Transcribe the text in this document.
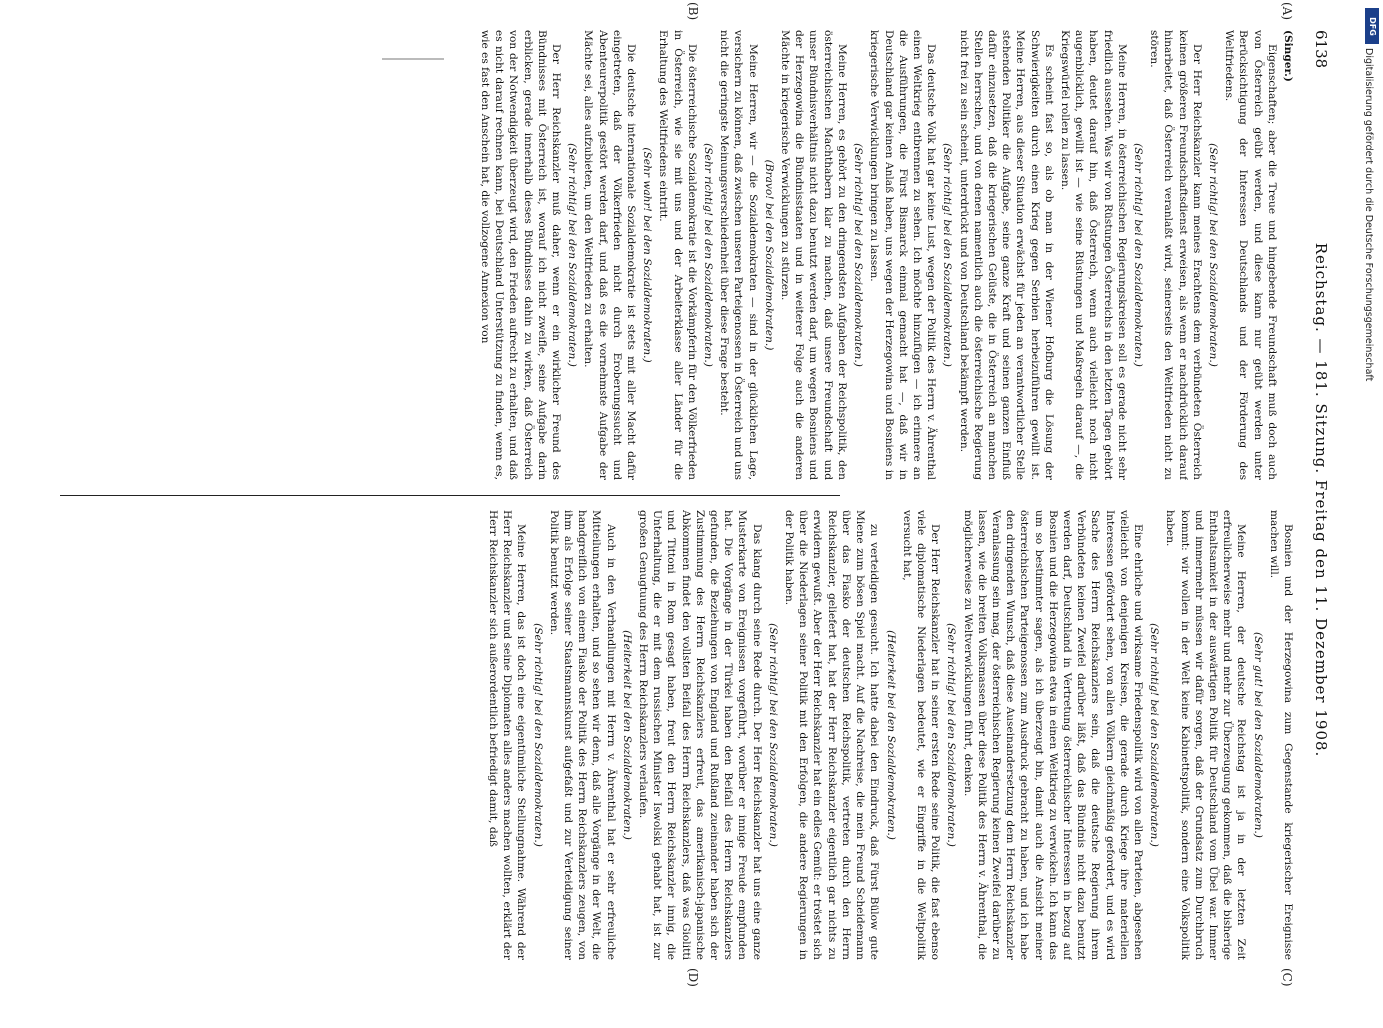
6138
Reichstag. — 181. Sitzung. Freitag den 11. Dezember 1908.

(Singer.)

Eigenschaften; aber die Treue und hingebende Freundschaft muß doch auch von Österreich geübt werden, und diese kann nur geübt werden unter Berücksichtigung der Interessen Deutschlands und der Förderung des Weltfriedens.

(Sehr richtig! bei den Sozialdemokraten.)

Der Herr Reichskanzler kann meines Erachtens dem verbündeten Österreich keinen größeren Freundschaftsdienst erweisen, als wenn er nachdrücklich darauf hinarbeitet, daß Österreich veranlaßt wird, seinerseits den Weltfrieden nicht zu stören.

(Sehr richtig! bei den Sozialdemokraten.)

Meine Herren, in österreichischen Regierungskreisen soll es gerade nicht sehr friedlich aussehen. Was wir von Rüstungen Österreichs in den letzten Tagen gehört haben, deutet darauf hin, daß Österreich, wenn auch vielleicht noch nicht augenblicklich, gewillt ist — wie seine Rüstungen und Maßregeln darauf —, die Kriegswürfel rollen zu lassen.

Es scheint fast so, als ob man in der Wiener Hofburg die Lösung der Schwierigkeiten durch einen Krieg gegen Serbien herbeizuführen gewillt ist. Meine Herren, aus dieser Situation erwächst für jeden an verantwortlicher Stelle stehenden Politiker die Aufgabe, seine ganze Kraft und seinen ganzen Einfluß dafür einzusetzen, daß die kriegerischen Gelüste, die in Österreich an manchen Stellen herrschen, und von denen namentlich auch die österreichische Regierung nicht frei zu sein scheint, unterdrückt und von Deutschland bekämpft werden.

(Sehr richtig! bei den Sozialdemokraten.)

Das deutsche Volk hat gar keine Lust, wegen der Politik des Herrn v. Ährenthal einen Weltkrieg entbrennen zu sehen. Ich möchte hinzufügen — ich erinnere an die Ausführungen, die Fürst Bismarck einmal gemacht hat —, daß wir in Deutschland gar keinen Anlaß haben, uns wegen der Herzegowina und Bosniens in kriegerische Verwicklungen bringen zu lassen.

(Sehr richtig! bei den Sozialdemokraten.)

Meine Herren, es gehört zu den dringendsten Aufgaben der Reichspolitik, den österreichischen Machthabern klar zu machen, daß unsere Freundschaft und unser Bündnisverhältnis nicht dazu benutzt werden darf, um wegen Bosniens und der Herzegowina die Bündnisstaaten und in weiterer Folge auch die anderen Mächte in kriegerische Verwicklungen zu stürzen.

(Bravo! bei den Sozialdemokraten.)

Meine Herren, wir — die Sozialdemokraten — sind in der glücklichen Lage, versichern zu können, daß zwischen unseren Parteigenossen in Österreich und uns nicht die geringste Meinungsverschiedenheit über diese Frage besteht.

(Sehr richtig! bei den Sozialdemokraten.)

Die österreichische Sozialdemokratie ist die Vorkämpferin für den Völkerfrieden in Österreich, wie sie mit uns und der Arbeiterklasse aller Länder für die Erhaltung des Weltfriedens eintritt.

(Sehr wahr! bei den Sozialdemokraten.)

Die deutsche internationale Sozialdemokratie ist stets mit aller Macht dafür eingetreten, daß der Völkerfrieden nicht durch Eroberungssucht und Abenteurerpolitik gestört werden darf, und daß es die vornehmste Aufgabe der Mächte sei, alles aufzubieten, um den Weltfrieden zu erhalten.

(Sehr richtig! bei den Sozialdemokraten.)

Der Herr Reichskanzler muß daher, wenn er ein wirklicher Freund des Bündnisses mit Österreich ist, worauf ich nicht zweifle, seine Aufgabe darin erblicken, gerade innerhalb dieses Bündnisses dahin zu wirken, daß Österreich von der Notwendigkeit überzeugt wird, den Frieden aufrecht zu erhalten, und daß es nicht darauf rechnen kann, bei Deutschland Unterstützung zu finden, wenn es, wie es fast den Anschein hat, die vollzogene Annexion von

Bosnien und der Herzegowina zum Gegenstande kriegerischer Ereignisse machen will.

(Sehr gut! bei den Sozialdemokraten.)

Meine Herren, der deutsche Reichstag ist ja in der letzten Zeit erfreulicherweise mehr und mehr zur Überzeugung gekommen, daß die bisherige Enthaltsamkeit in der auswärtigen Politik für Deutschland vom Übel war. Immer und immermehr müssen wir dafür sorgen, daß der Grundsatz zum Durchbruch kommt: wir wollen in der Welt keine Kabinettspolitik, sondern eine Volkspolitik haben.

(Sehr richtig! bei den Sozialdemokraten.)

Eine ehrliche und wirksame Friedenspolitik wird von allen Parteien, abgesehen vielleicht von denjenigen Kreisen, die gerade durch Kriege ihre materiellen Interessen gefördert sehen, von allen Völkern gleichmäßig gefordert, und es wird Sache des Herrn Reichskanzlers sein, daß die deutsche Regierung ihrem Verbündeten keinen Zweifel darüber läßt, daß das Bündnis nicht dazu benutzt werden darf, Deutschland in Vertretung österreichischer Interessen in bezug auf Bosnien und die Herzegowina etwa in einen Weltkrieg zu verwickeln. Ich kann das um so bestimmter sagen, als ich überzeugt bin, damit auch die Ansicht meiner österreichischen Parteigenossen zum Ausdruck gebracht zu haben, und ich habe den dringenden Wunsch, daß diese Auseinandersetzung dem Herrn Reichskanzler Veranlassung sein mag, der österreichischen Regierung keinen Zweifel darüber zu lassen, wie die breiten Volksmassen über diese Politik des Herrn v. Ährenthal, die möglicherweise zu Weltverwicklungen führt, denken.

(Sehr richtig! bei den Sozialdemokraten.)

Der Herr Reichskanzler hat in seiner ersten Rede seine Politik, die fast ebenso viele diplomatische Niederlagen bedeutet, wie er Eingriffe in die Weltpolitik versucht hat,

(Heiterkeit bei den Sozialdemokraten.)

zu verteidigen gesucht. Ich hatte dabei den Eindruck, daß Fürst Bülow gute Miene zum bösen Spiel macht. Auf die Nachreise, die mein Freund Scheidemann über das Fiasko der deutschen Reichspolitik, vertreten durch den Herrn Reichskanzler, geliefert hat, hat der Herr Reichskanzler eigentlich gar nichts zu erwidern gewußt. Aber der Herr Reichskanzler hat ein edles Gemüt: er tröstet sich über die Niederlagen seiner Politik mit den Erfolgen, die andere Regierungen in der Politik haben.

(Sehr richtig! bei den Sozialdemokraten.)

Das klang durch seine Rede durch. Der Herr Reichskanzler hat uns eine ganze Musterkarte von Ereignissen vorgeführt, worüber er innige Freude empfunden hat. Die Vorgänge in der Türkei haben den Beifall des Herrn Reichskanzlers gefunden, die Beziehungen von England und Rußland zueinander haben sich der Zustimmung des Herrn Reichskanzlers erfreut, das amerikanisch-japanische Abkommen findet den vollsten Beifall des Herrn Reichskanzlers, daß was Giolitti und Tittoni in Rom gesagt haben, freut den Herrn Reichskanzler innig, die Unterhaltung, die er mit dem russischen Minister Iswolski gehabt hat, ist zur großen Genugtuung des Herrn Reichskanzlers verlaufen.

(Heiterkeit bei den Sozialdemokraten.)

Auch in den Verhandlungen mit Herrn v. Ährenthal hat er sehr erfreuliche Mitteilungen erhalten, und so sehen wir denn, daß alle Vorgänge in der Welt, die handgreiflich von einem Fiasko der Politik des Herrn Reichskanzlers zeugen, von ihm als Erfolge seiner Staatsmannskunst aufgefaßt und zur Verteidigung seiner Politik benutzt werden.

(Sehr richtig! bei den Sozialdemokraten.)

Meine Herren, das ist doch eine eigentümliche Stellungnahme. Während der Herr Reichskanzler und seine Diplomaten alles anders machen wollten, erklärt der Herr Reichskanzler sich außerordentlich befriedigt damit, daß

(A)
(B)
(C)
(D)
DFG
Digitalisierung gefördert durch die Deutsche Forschungsgemeinschaft
